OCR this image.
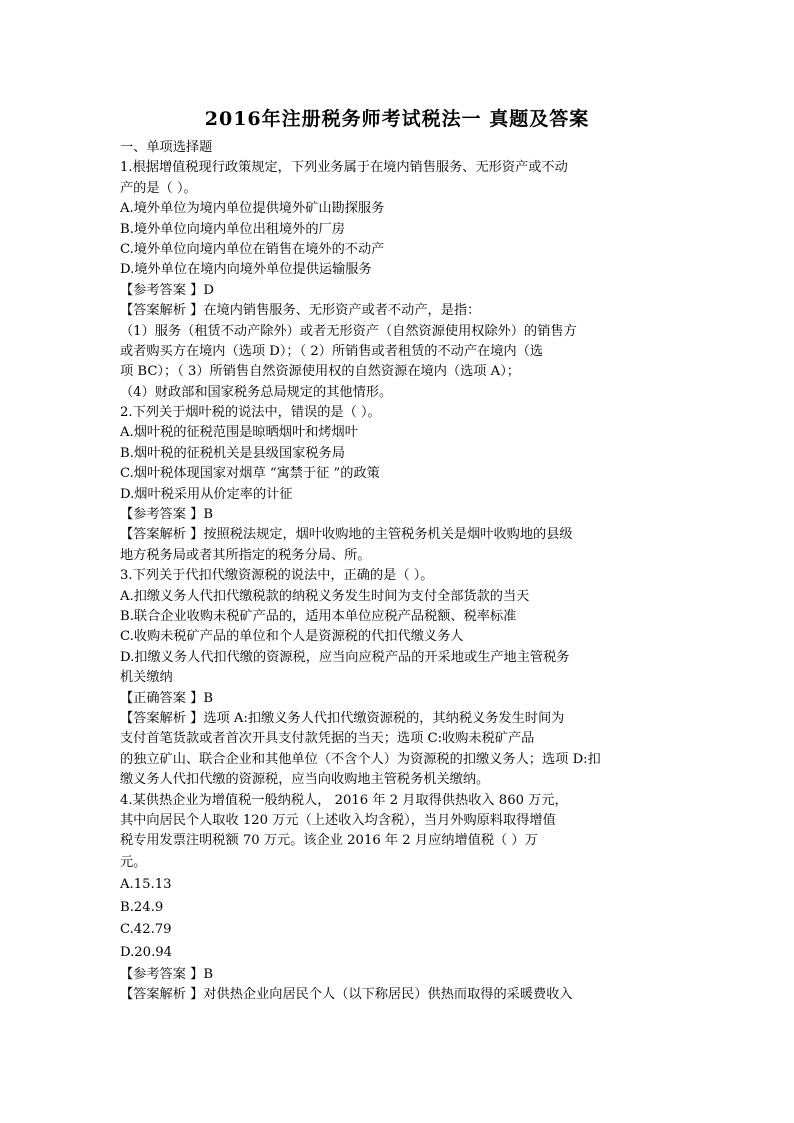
2016年注册税务师考试税法一 真题及答案
一、单项选择题
1.根据增值税现行政策规定，下列业务属于在境内销售服务、无形资产或不动
产的是（ ）。
A.境外单位为境内单位提供境外矿山勘探服务
B.境外单位向境内单位出租境外的厂房
C.境外单位向境内单位在销售在境外的不动产
D.境外单位在境内向境外单位提供运输服务
【参考答案 】D
【答案解析 】在境内销售服务、无形资产或者不动产，是指：
（1）服务（租赁不动产除外）或者无形资产（自然资源使用权除外）的销售方
或者购买方在境内（选项 D）；（ 2）所销售或者租赁的不动产在境内（选
项 BC）；（ 3）所销售自然资源使用权的自然资源在境内（选项 A）；
（4）财政部和国家税务总局规定的其他情形。
2.下列关于烟叶税的说法中，错误的是（ ）。
A.烟叶税的征税范围是晾晒烟叶和烤烟叶
B.烟叶税的征税机关是县级国家税务局
C.烟叶税体现国家对烟草 “寓禁于征 ”的政策
D.烟叶税采用从价定率的计征
【参考答案 】B
【答案解析 】按照税法规定，烟叶收购地的主管税务机关是烟叶收购地的县级
地方税务局或者其所指定的税务分局、所。
3.下列关于代扣代缴资源税的说法中，正确的是（ ）。
A.扣缴义务人代扣代缴税款的纳税义务发生时间为支付全部货款的当天
B.联合企业收购未税矿产品的，适用本单位应税产品税额、税率标准
C.收购未税矿产品的单位和个人是资源税的代扣代缴义务人
D.扣缴义务人代扣代缴的资源税，应当向应税产品的开采地或生产地主管税务
机关缴纳
【正确答案 】B
【答案解析 】选项 A:扣缴义务人代扣代缴资源税的，其纳税义务发生时间为
支付首笔货款或者首次开具支付款凭据的当天；选项 C:收购未税矿产品
的独立矿山、联合企业和其他单位（不含个人）为资源税的扣缴义务人；选项 D:扣
缴义务人代扣代缴的资源税，应当向收购地主管税务机关缴纳。
4.某供热企业为增值税一般纳税人， 2016 年 2 月取得供热收入 860 万元，
其中向居民个人取收 120 万元（上述收入均含税），当月外购原料取得增值
税专用发票注明税额 70 万元。该企业 2016 年 2 月应纳增值税（ ）万
元。
A.15.13
B.24.9
C.42.79
D.20.94
【参考答案 】B
【答案解析 】对供热企业向居民个人（以下称居民）供热而取得的采暖费收入
